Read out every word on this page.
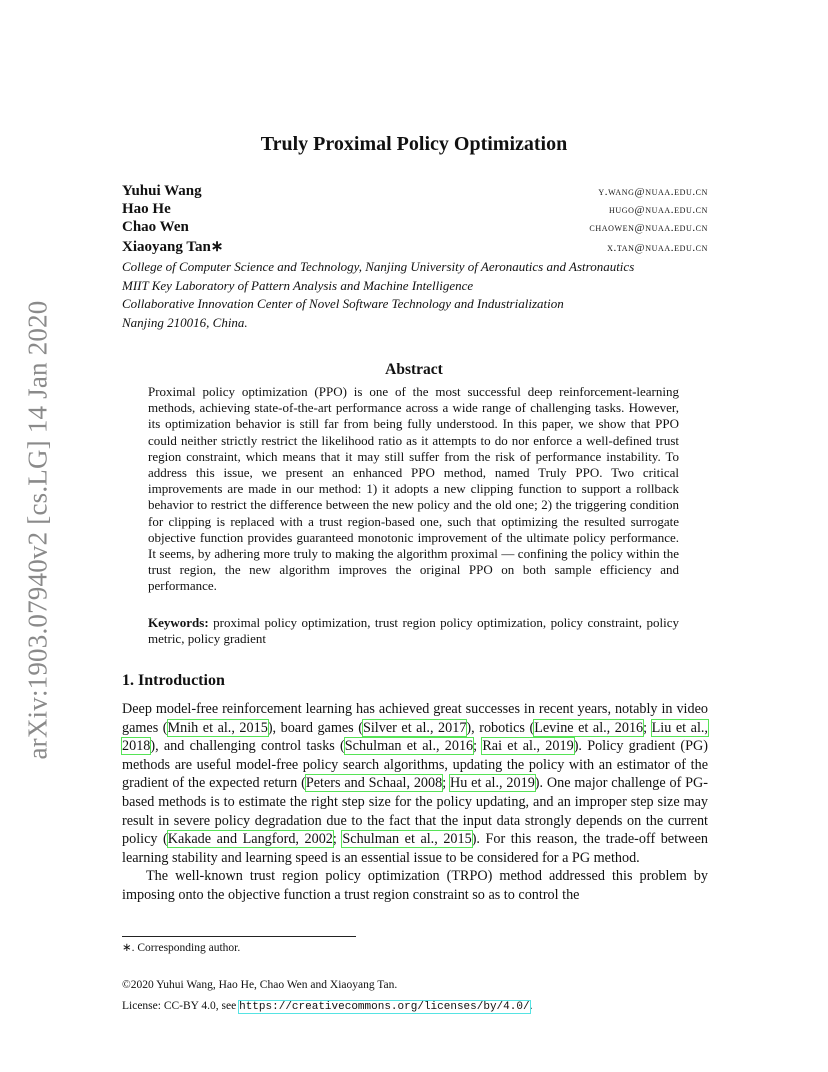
arXiv:1903.07940v2 [cs.LG] 14 Jan 2020
Truly Proximal Policy Optimization
Yuhui Wang	y.wang@nuaa.edu.cn
Hao He	hugo@nuaa.edu.cn
Chao Wen	chaowen@nuaa.edu.cn
Xiaoyang Tan∗	x.tan@nuaa.edu.cn
College of Computer Science and Technology, Nanjing University of Aeronautics and Astronautics
MIIT Key Laboratory of Pattern Analysis and Machine Intelligence
Collaborative Innovation Center of Novel Software Technology and Industrialization
Nanjing 210016, China.
Abstract

Proximal policy optimization (PPO) is one of the most successful deep reinforcement-learning methods, achieving state-of-the-art performance across a wide range of challenging tasks. However, its optimization behavior is still far from being fully understood. In this paper, we show that PPO could neither strictly restrict the likelihood ratio as it attempts to do nor enforce a well-defined trust region constraint, which means that it may still suffer from the risk of performance instability. To address this issue, we present an enhanced PPO method, named Truly PPO. Two critical improvements are made in our method: 1) it adopts a new clipping function to support a rollback behavior to restrict the difference between the new policy and the old one; 2) the triggering condition for clipping is replaced with a trust region-based one, such that optimizing the resulted surrogate objective function provides guaranteed monotonic improvement of the ultimate policy performance. It seems, by adhering more truly to making the algorithm proximal — confining the policy within the trust region, the new algorithm improves the original PPO on both sample efficiency and performance.

Keywords: proximal policy optimization, trust region policy optimization, policy constraint, policy metric, policy gradient
1. Introduction

Deep model-free reinforcement learning has achieved great successes in recent years, notably in video games (Mnih et al., 2015), board games (Silver et al., 2017), robotics (Levine et al., 2016; Liu et al., 2018), and challenging control tasks (Schulman et al., 2016; Rai et al., 2019). Policy gradient (PG) methods are useful model-free policy search algorithms, updating the policy with an estimator of the gradient of the expected return (Peters and Schaal, 2008; Hu et al., 2019). One major challenge of PG-based methods is to estimate the right step size for the policy updating, and an improper step size may result in severe policy degradation due to the fact that the input data strongly depends on the current policy (Kakade and Langford, 2002; Schulman et al., 2015). For this reason, the trade-off between learning stability and learning speed is an essential issue to be considered for a PG method.

The well-known trust region policy optimization (TRPO) method addressed this problem by imposing onto the objective function a trust region constraint so as to control the

∗. Corresponding author.
©2020 Yuhui Wang, Hao He, Chao Wen and Xiaoyang Tan.
License: CC-BY 4.0, see https://creativecommons.org/licenses/by/4.0/.
